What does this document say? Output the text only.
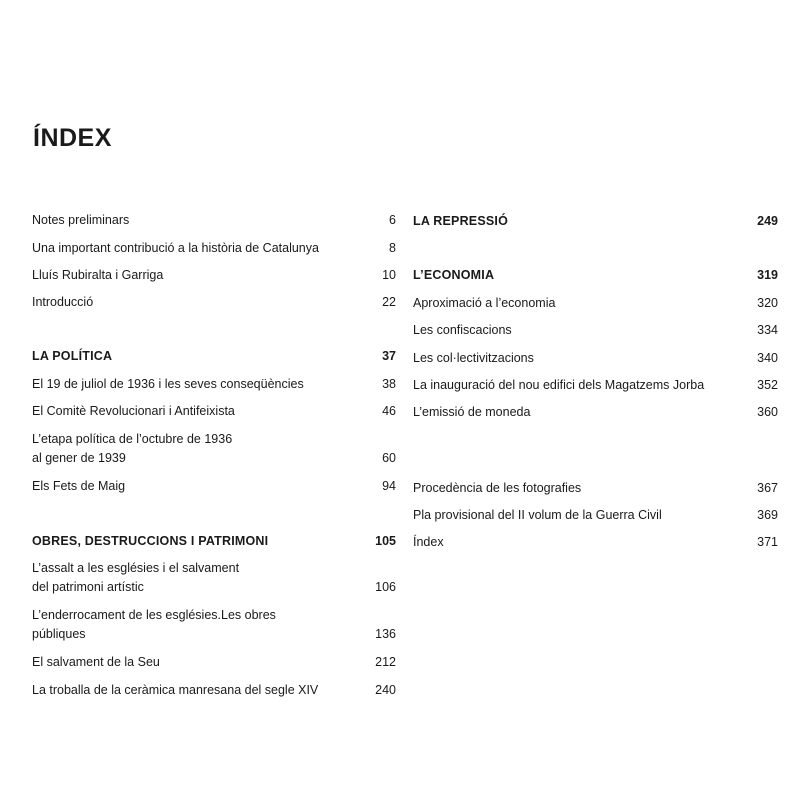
ÍNDEX
Notes preliminars	6
Una important contribució a la història de Catalunya	8
Lluís Rubiralta i Garriga	10
Introducció	22
LA POLÍTICA	37
El 19 de juliol de 1936 i les seves conseqüències	38
El Comitè Revolucionari i Antifeixista	46
L’etapa política de l’octubre de 1936
al gener de 1939	60
Els Fets de Maig	94
OBRES, DESTRUCCIONS I PATRIMONI	105
L’assalt a les esglésies i el salvament
del patrimoni artístic	106
L’enderrocament de les esglésies.Les obres
públiques	136
El salvament de la Seu	212
La troballa de la ceràmica manresana del segle XIV	240
LA REPRESSIÓ	249
L’ECONOMIA	319
Aproximació a l’economia	320
Les confiscacions	334
Les col·lectivitzacions	340
La inauguració del nou edifici dels Magatzems Jorba	352
L’emissió de moneda	360
Procedència de les fotografies	367
Pla provisional del II volum de la Guerra Civil	369
Índex	371
